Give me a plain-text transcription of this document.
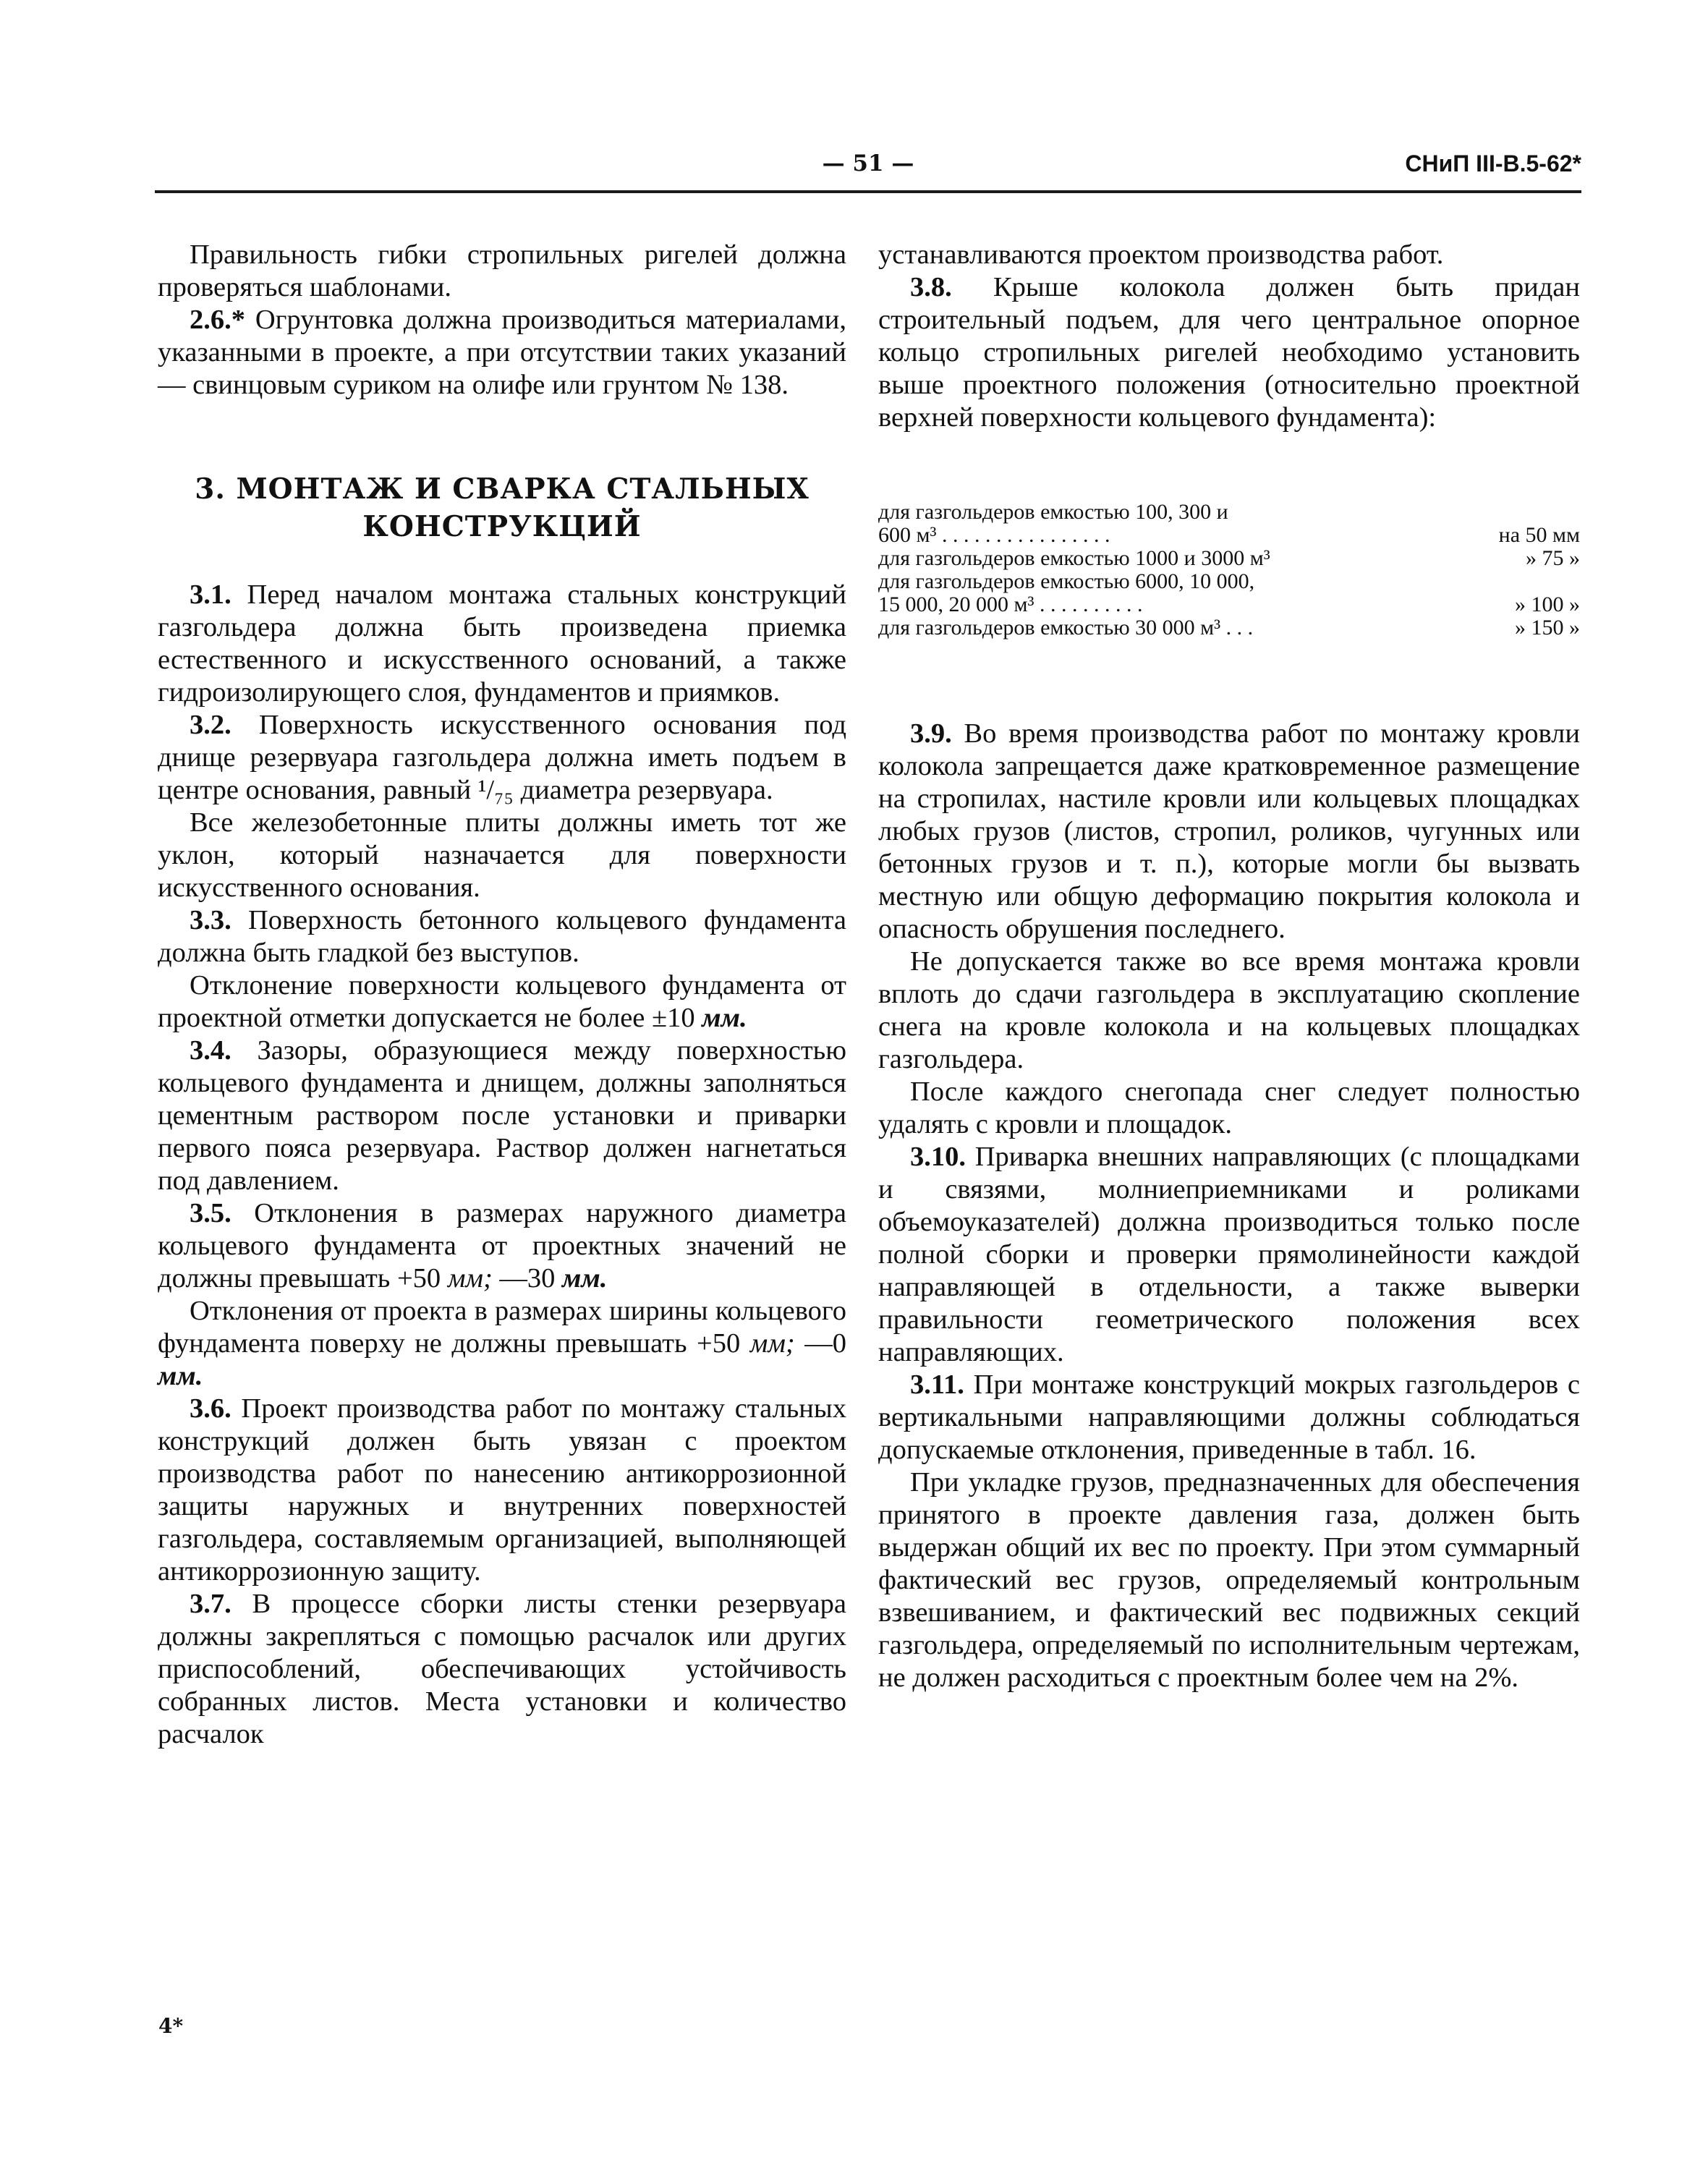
— 51 —	СНиП III-В.5-62*

Правильность гибки стропильных ригелей должна проверяться шаблонами.

2.6.* Огрунтовка должна производиться материалами, указанными в проекте, а при отсутствии таких указаний — свинцовым суриком на олифе или грунтом № 138.

3. МОНТАЖ И СВАРКА СТАЛЬНЫХ
КОНСТРУКЦИЙ

3.1. Перед началом монтажа стальных конструкций газгольдера должна быть произведена приемка естественного и искусственного оснований, а также гидроизолирующего слоя, фундаментов и приямков.

3.2. Поверхность искусственного основания под днище резервуара газгольдера должна иметь подъем в центре основания, равный ¹/₇₅ диаметра резервуара.

Все железобетонные плиты должны иметь тот же уклон, который назначается для поверхности искусственного основания.

3.3. Поверхность бетонного кольцевого фундамента должна быть гладкой без выступов.

Отклонение поверхности кольцевого фундамента от проектной отметки допускается не более ±10 мм.

3.4. Зазоры, образующиеся между поверхностью кольцевого фундамента и днищем, должны заполняться цементным раствором после установки и приварки первого пояса резервуара. Раствор должен нагнетаться под давлением.

3.5. Отклонения в размерах наружного диаметра кольцевого фундамента от проектных значений не должны превышать +50 мм; —30 мм.

Отклонения от проекта в размерах ширины кольцевого фундамента поверху не должны превышать +50 мм; —0 мм.

3.6. Проект производства работ по монтажу стальных конструкций должен быть увязан с проектом производства работ по нанесению антикоррозионной защиты наружных и внутренних поверхностей газгольдера, составляемым организацией, выполняющей антикоррозионную защиту.

3.7. В процессе сборки листы стенки резервуара должны закрепляться с помощью расчалок или других приспособлений, обеспечивающих устойчивость собранных листов. Места установки и количество расчалок

устанавливаются проектом производства работ.

3.8. Крыше колокола должен быть придан строительный подъем, для чего центральное опорное кольцо стропильных ригелей необходимо установить выше проектного положения (относительно проектной верхней поверхности кольцевого фундамента):

для газгольдеров емкостью 100, 300 и
600 м³ . . . . . . . . . . . . . . . .	на 50 мм
для газгольдеров емкостью 1000 и 3000 м³	» 75 »
для газгольдеров емкостью 6000, 10 000,
15 000, 20 000 м³ . . . . . . . . . .	» 100 »
для газгольдеров емкостью 30 000 м³ . . .	» 150 »

3.9. Во время производства работ по монтажу кровли колокола запрещается даже кратковременное размещение на стропилах, настиле кровли или кольцевых площадках любых грузов (листов, стропил, роликов, чугунных или бетонных грузов и т. п.), которые могли бы вызвать местную или общую деформацию покрытия колокола и опасность обрушения последнего.

Не допускается также во все время монтажа кровли вплоть до сдачи газгольдера в эксплуатацию скопление снега на кровле колокола и на кольцевых площадках газгольдера.

После каждого снегопада снег следует полностью удалять с кровли и площадок.

3.10. Приварка внешних направляющих (с площадками и связями, молниеприемниками и роликами объемоуказателей) должна производиться только после полной сборки и проверки прямолинейности каждой направляющей в отдельности, а также выверки правильности геометрического положения всех направляющих.

3.11. При монтаже конструкций мокрых газгольдеров с вертикальными направляющими должны соблюдаться допускаемые отклонения, приведенные в табл. 16.

При укладке грузов, предназначенных для обеспечения принятого в проекте давления газа, должен быть выдержан общий их вес по проекту. При этом суммарный фактический вес грузов, определяемый контрольным взвешиванием, и фактический вес подвижных секций газгольдера, определяемый по исполнительным чертежам, не должен расходиться с проектным более чем на 2%.

4*
